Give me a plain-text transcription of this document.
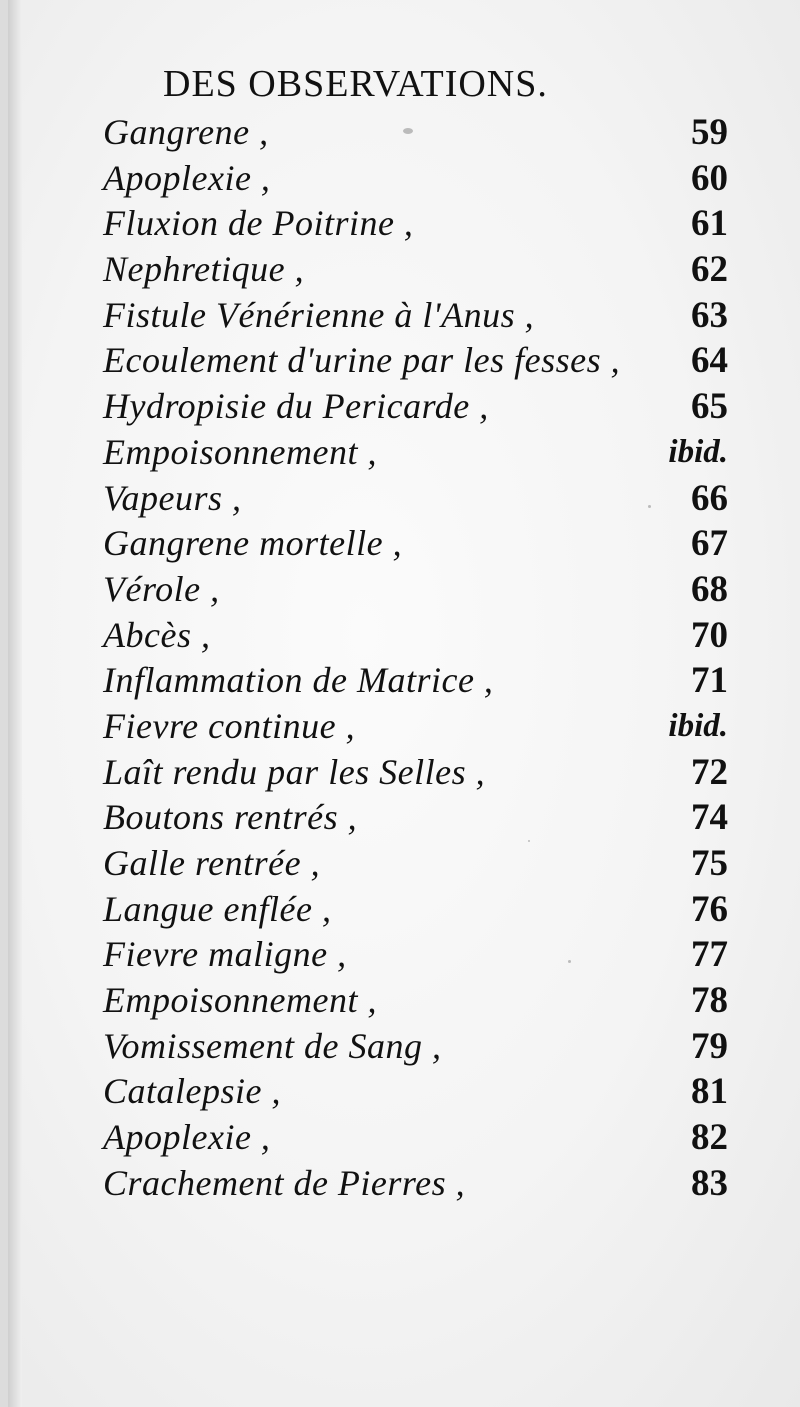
DES OBSERVATIONS.
Gangrene ,	59
Apoplexie ,	60
Fluxion de Poitrine ,	61
Nephretique ,	62
Fistule Vénérienne à l'Anus ,	63
Ecoulement d'urine par les fesses , 64
Hydropisie du Pericarde ,	65
Empoisonnement ,	ibid.
Vapeurs ,	66
Gangrene mortelle ,	67
Vérole ,	68
Abcès ,	70
Inflammation de Matrice ,	71
Fievre continue ,	ibid.
Laît rendu par les Selles ,	72
Boutons rentrés ,	74
Galle rentrée ,	75
Langue enflée ,	76
Fievre maligne ,	77
Empoisonnement ,	78
Vomissement de Sang ,	79
Catalepsie ,	81
Apoplexie ,	82
Crachement de Pierres ,	83
